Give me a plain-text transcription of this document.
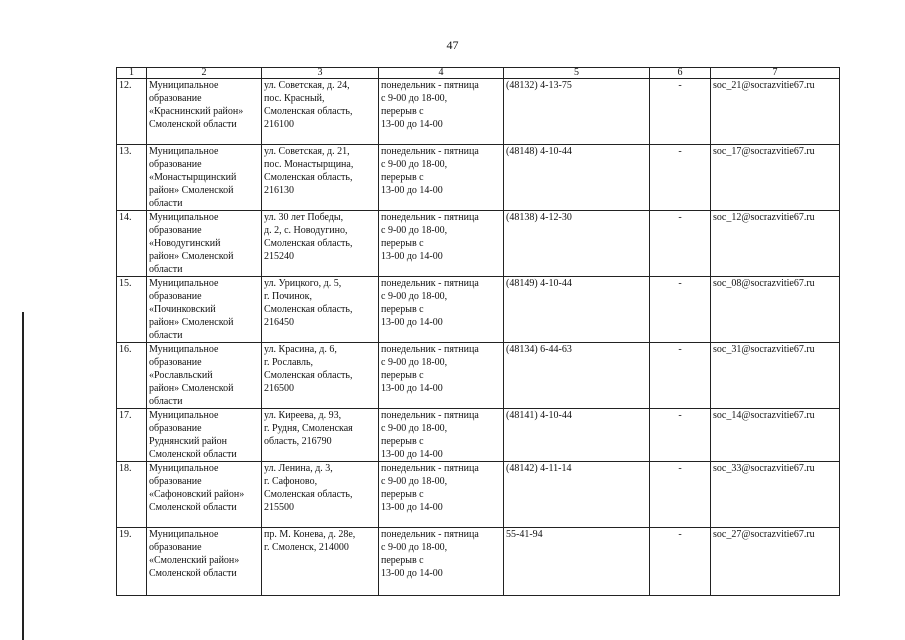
47
1	2	3	4	5	6	7
12.	Муниципальное
образование
«Краснинский район»
Смоленской области	ул. Советская, д. 24,
пос. Красный,
Смоленская область,
216100	понедельник - пятница
с 9-00 до 18-00,
перерыв с
13-00 до 14-00	(48132) 4-13-75	-	soc_21@socrazvitie67.ru
13.	Муниципальное
образование
«Монастырщинский
район» Смоленской
области	ул. Советская, д. 21,
пос. Монастырщина,
Смоленская область,
216130	понедельник - пятница
с 9-00 до 18-00,
перерыв с
13-00 до 14-00	(48148) 4-10-44	-	soc_17@socrazvitie67.ru
14.	Муниципальное
образование
«Новодугинский
район» Смоленской
области	ул. 30 лет Победы,
д. 2, с. Новодугино,
Смоленская область,
215240	понедельник - пятница
с 9-00 до 18-00,
перерыв с
13-00 до 14-00	(48138) 4-12-30	-	soc_12@socrazvitie67.ru
15.	Муниципальное
образование
«Починковский
район» Смоленской
области	ул. Урицкого, д. 5,
г. Починок,
Смоленская область,
216450	понедельник - пятница
с 9-00 до 18-00,
перерыв с
13-00 до 14-00	(48149) 4-10-44	-	soc_08@socrazvitie67.ru
16.	Муниципальное
образование
«Рославльский
район» Смоленской
области	ул. Красина, д. 6,
г. Рославль,
Смоленская область,
216500	понедельник - пятница
с 9-00 до 18-00,
перерыв с
13-00 до 14-00	(48134) 6-44-63	-	soc_31@socrazvitie67.ru
17.	Муниципальное
образование
Руднянский район
Смоленской области	ул. Киреева, д. 93,
г. Рудня, Смоленская
область, 216790	понедельник - пятница
с 9-00 до 18-00,
перерыв с
13-00 до 14-00	(48141) 4-10-44	-	soc_14@socrazvitie67.ru
18.	Муниципальное
образование
«Сафоновский район»
Смоленской области	ул. Ленина, д. 3,
г. Сафоново,
Смоленская область,
215500	понедельник - пятница
с 9-00 до 18-00,
перерыв с
13-00 до 14-00	(48142) 4-11-14	-	soc_33@socrazvitie67.ru
19.	Муниципальное
образование
«Смоленский район»
Смоленской области	пр. М. Конева, д. 28е,
г. Смоленск, 214000	понедельник - пятница
с 9-00 до 18-00,
перерыв с
13-00 до 14-00	55-41-94	-	soc_27@socrazvitie67.ru
